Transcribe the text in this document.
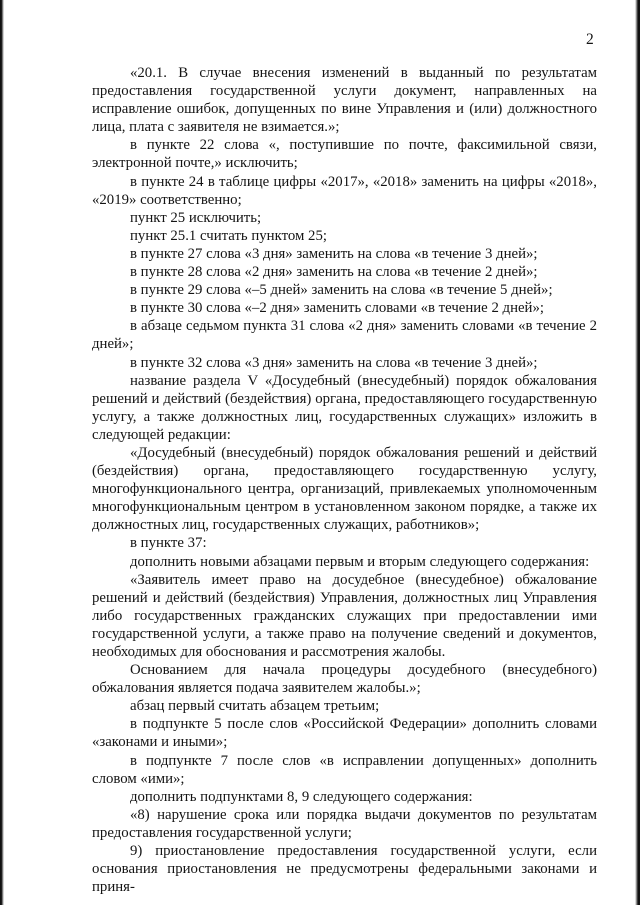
2

«20.1. В случае внесения изменений в выданный по результатам предоставления государственной услуги документ, направленных на исправление ошибок, допущенных по вине Управления и (или) должностного лица, плата с заявителя не взимается.»;

в пункте 22 слова «, поступившие по почте, факсимильной связи, электронной почте,» исключить;

в пункте 24 в таблице цифры «2017», «2018» заменить на цифры «2018», «2019» соответственно;

пункт 25 исключить;

пункт 25.1 считать пунктом 25;

в пункте 27 слова «3 дня» заменить на слова «в течение 3 дней»;

в пункте 28 слова «2 дня» заменить на слова «в течение 2 дней»;

в пункте 29 слова «–5 дней» заменить на слова «в течение 5 дней»;

в пункте 30 слова «–2 дня» заменить словами «в течение 2 дней»;

в абзаце седьмом пункта 31 слова «2 дня» заменить словами «в течение 2 дней»;

в пункте 32 слова «3 дня» заменить на слова «в течение 3 дней»;

название раздела V «Досудебный (внесудебный) порядок обжалования решений и действий (бездействия) органа, предоставляющего государственную услугу, а также должностных лиц, государственных служащих» изложить в следующей редакции:

«Досудебный (внесудебный) порядок обжалования решений и действий (бездействия) органа, предоставляющего государственную услугу, многофункционального центра, организаций, привлекаемых уполномоченным многофункциональным центром в установленном законом порядке, а также их должностных лиц, государственных служащих, работников»;

в пункте 37:

дополнить новыми абзацами первым и вторым следующего содержания:

«Заявитель имеет право на досудебное (внесудебное) обжалование решений и действий (бездействия) Управления, должностных лиц Управления либо государственных гражданских служащих при предоставлении ими государственной услуги, а также право на получение сведений и документов, необходимых для обоснования и рассмотрения жалобы.

Основанием для начала процедуры досудебного (внесудебного) обжалования является подача заявителем жалобы.»;

абзац первый считать абзацем третьим;

в подпункте 5 после слов «Российской Федерации» дополнить словами «законами и иными»;

в подпункте 7 после слов «в исправлении допущенных» дополнить словом «ими»;

дополнить подпунктами 8, 9 следующего содержания:

«8) нарушение срока или порядка выдачи документов по результатам предоставления государственной услуги;

9) приостановление предоставления государственной услуги, если основания приостановления не предусмотрены федеральными законами и приня-
